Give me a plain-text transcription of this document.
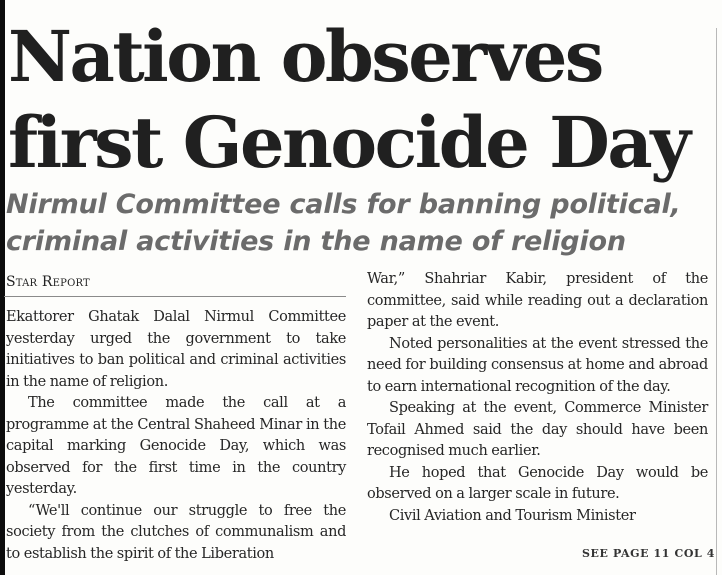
Nation observes first Genocide Day
Nirmul Committee calls for banning political, criminal activities in the name of religion
Star Report

Ekattorer Ghatak Dalal Nirmul Committee yesterday urged the government to take initiatives to ban political and criminal activities in the name of religion.

The committee made the call at a programme at the Central Shaheed Minar in the capital marking Genocide Day, which was observed for the first time in the country yesterday.

“We'll continue our struggle to free the society from the clutches of communalism and to establish the spirit of the Liberation

War,” Shahriar Kabir, president of the committee, said while reading out a declaration paper at the event.

Noted personalities at the event stressed the need for building consensus at home and abroad to earn international recognition of the day.

Speaking at the event, Commerce Minister Tofail Ahmed said the day should have been recognised much earlier.

He hoped that Genocide Day would be observed on a larger scale in future.

Civil Aviation and Tourism Minister

SEE PAGE 11 COL 4
